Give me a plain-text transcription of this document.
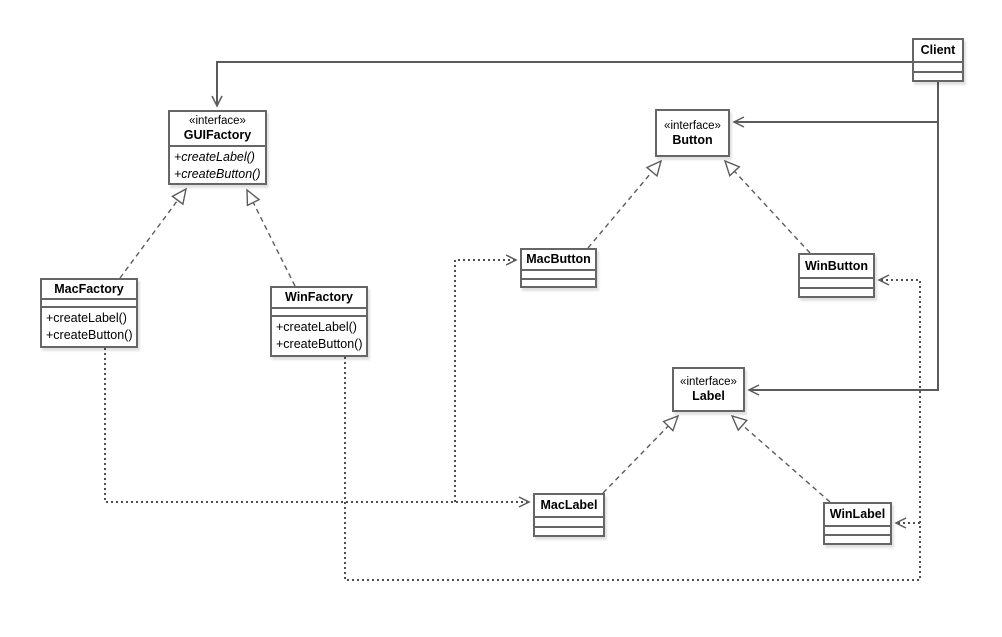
Client
«interface»
GUIFactory
+createLabel()
+createButton()
MacFactory
+createLabel()
+createButton()
WinFactory
+createLabel()
+createButton()
«interface»
Button
MacButton	WinButton
«interface»
Label
MacLabel
WinLabel
